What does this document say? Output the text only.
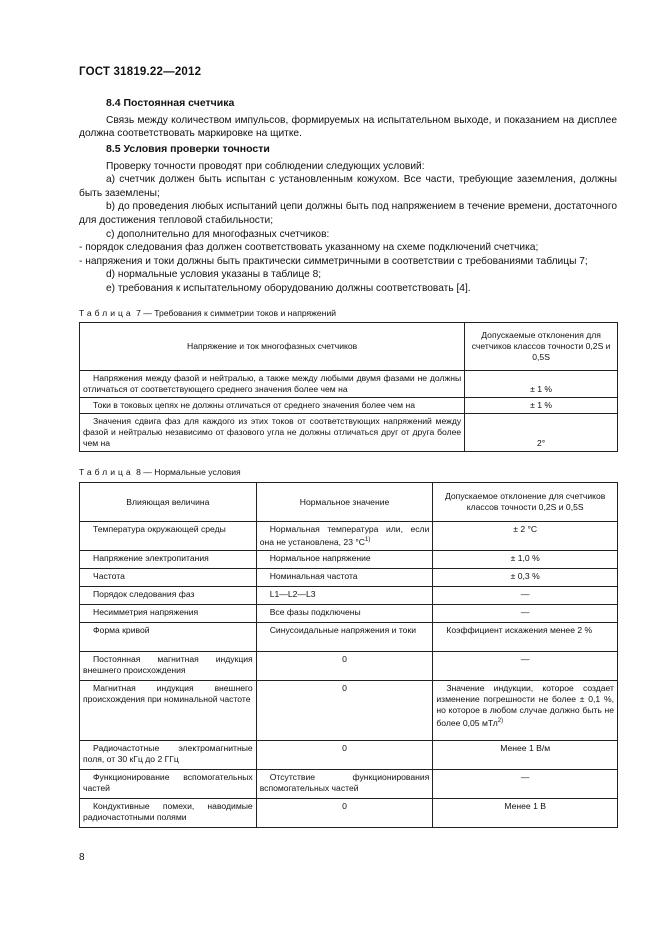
ГОСТ 31819.22—2012
8.4 Постоянная счетчика

Связь между количеством импульсов, формируемых на испытательном выходе, и показанием на дисплее должна соответствовать маркировке на щитке.

8.5 Условия проверки точности

Проверку точности проводят при соблюдении следующих условий:

a) счетчик должен быть испытан с установленным кожухом. Все части, требующие заземления, должны быть заземлены;

b) до проведения любых испытаний цепи должны быть под напряжением в течение времени, достаточного для достижения тепловой стабильности;

c) дополнительно для многофазных счетчиков:

- порядок следования фаз должен соответствовать указанному на схеме подключений счетчика;

- напряжения и токи должны быть практически симметричными в соответствии с требованиями таблицы 7;

d) нормальные условия указаны в таблице 8;

e) требования к испытательному оборудованию должны соответствовать [4].

Таблица 7 — Требования к симметрии токов и напряжений
Напряжение и ток многофазных счетчиков	Допускаемые отклонения для счетчиков классов точности 0,2S и 0,5S
Напряжения между фазой и нейтралью, а также между любыми двумя фазами не должны отличаться от соответствующего среднего значения более чем на	± 1 %
Токи в токовых цепях не должны отличаться от среднего значения более чем на	± 1 %
Значения сдвига фаз для каждого из этих токов от соответствующих напряжений между фазой и нейтралью независимо от фазового угла не должны отличаться друг от друга более чем на	2°
Таблица 8 — Нормальные условия
Влияющая величина	Нормальное значение	Допускаемое отклонение для счетчиков классов точности 0,2S и 0,5S
Температура окружающей среды	Нормальная температура или, если она не установлена, 23 $^\circ С^{1)}$	± 2 °С
Напряжение электропитания	Нормальное напряжение	± 1,0 %
Частота	Номинальная частота	± 0,3 %
Порядок следования фаз	L1—L2—L3	—
Несимметрия напряжения	Все фазы подключены	—
Форма кривой	Синусоидальные напряжения и токи	Коэффициент искажения менее 2 %
Постоянная магнитная индукция внешнего происхождения	0	—
Магнитная индукция внешнего происхождения при номинальной частоте	0	Значение индукции, которое создает изменение погрешности не более ± 0,1 %, но которое в любом случае должно быть не более 0,05 мТл$^{2)}$
Радиочастотные электромагнитные поля, от 30 кГц до 2 ГГц	0	Менее 1 В/м
Функционирование вспомогательных частей	Отсутствие функционирования вспомогательных частей	—
Кондуктивные помехи, наводимые радиочастотными полями	0	Менее 1 В
8
